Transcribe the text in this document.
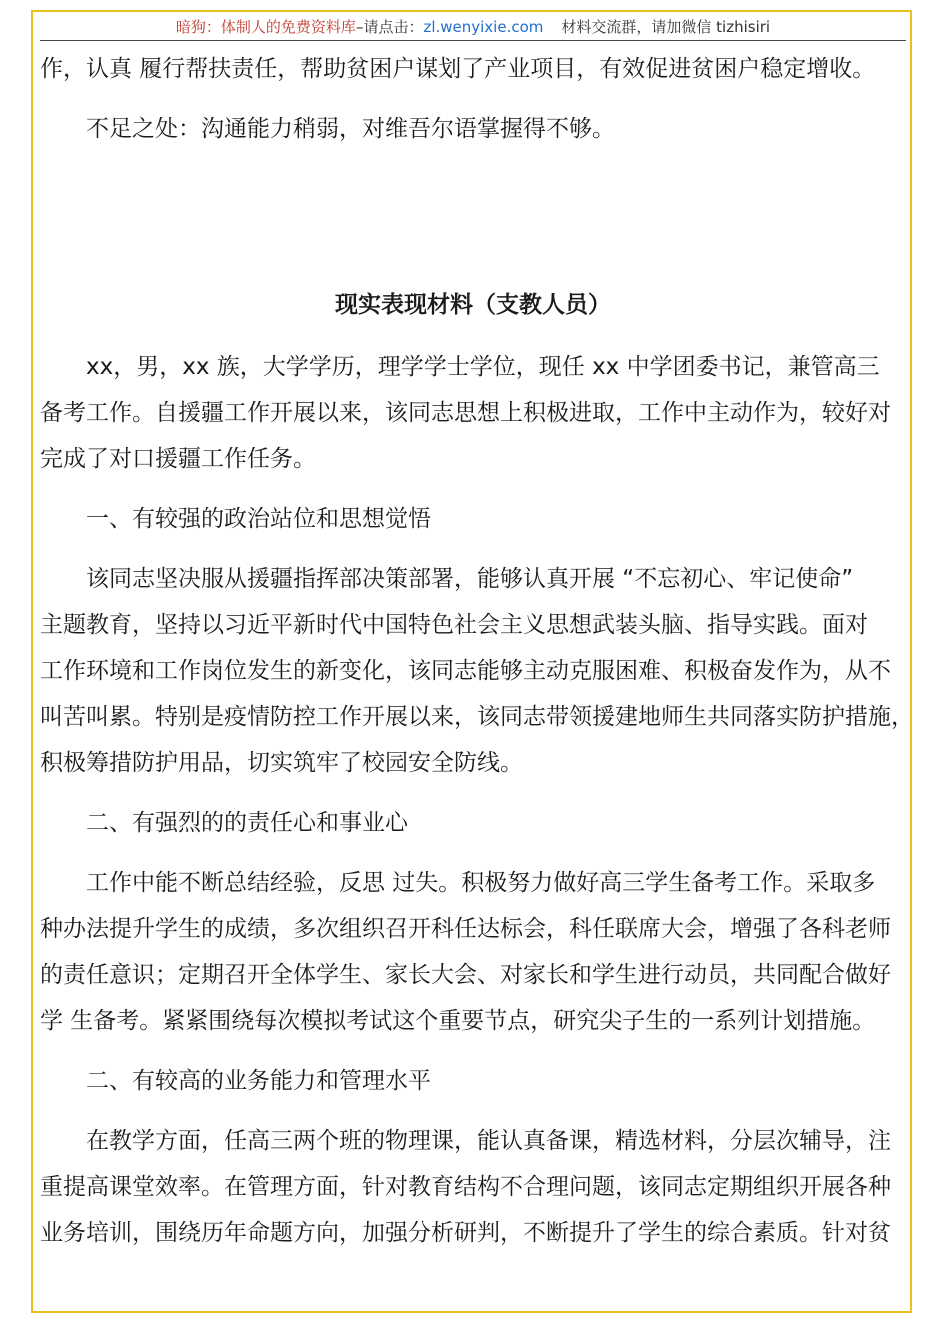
暗狗：体制人的免费资料库–请点击：zl.wenyixie.com 材料交流群，请加微信 tizhisiri
作，认真 履行帮扶责任，帮助贫困户谋划了产业项目，有效促进贫困户稳定增收。
不足之处：沟通能力稍弱，对维吾尔语掌握得不够。
现实表现材料（支教人员）
xx，男，xx 族，大学学历，理学学士学位，现任 xx 中学团委书记，兼管高三
备考工作。自援疆工作开展以来，该同志思想上积极进取，工作中主动作为，较好对
完成了对口援疆工作任务。
一、有较强的政治站位和思想觉悟
该同志坚决服从援疆指挥部决策部署，能够认真开展 “不忘初心、牢记使命”
主题教育，坚持以习近平新时代中国特色社会主义思想武装头脑、指导实践。面对
工作环境和工作岗位发生的新变化，该同志能够主动克服困难、积极奋发作为，从不
叫苦叫累。特别是疫情防控工作开展以来，该同志带领援建地师生共同落实防护措施，
积极筹措防护用品，切实筑牢了校园安全防线。
二、有强烈的的责任心和事业心
工作中能不断总结经验，反思 过失。积极努力做好高三学生备考工作。采取多
种办法提升学生的成绩，多次组织召开科任达标会，科任联席大会，增强了各科老师
的责任意识；定期召开全体学生、家长大会、对家长和学生进行动员，共同配合做好
学 生备考。紧紧围绕每次模拟考试这个重要节点，研究尖子生的一系列计划措施。
二、有较高的业务能力和管理水平
在教学方面，任高三两个班的物理课，能认真备课，精选材料，分层次辅导，注
重提高课堂效率。在管理方面，针对教育结构不合理问题，该同志定期组织开展各种
业务培训，围绕历年命题方向，加强分析研判，不断提升了学生的综合素质。针对贫
